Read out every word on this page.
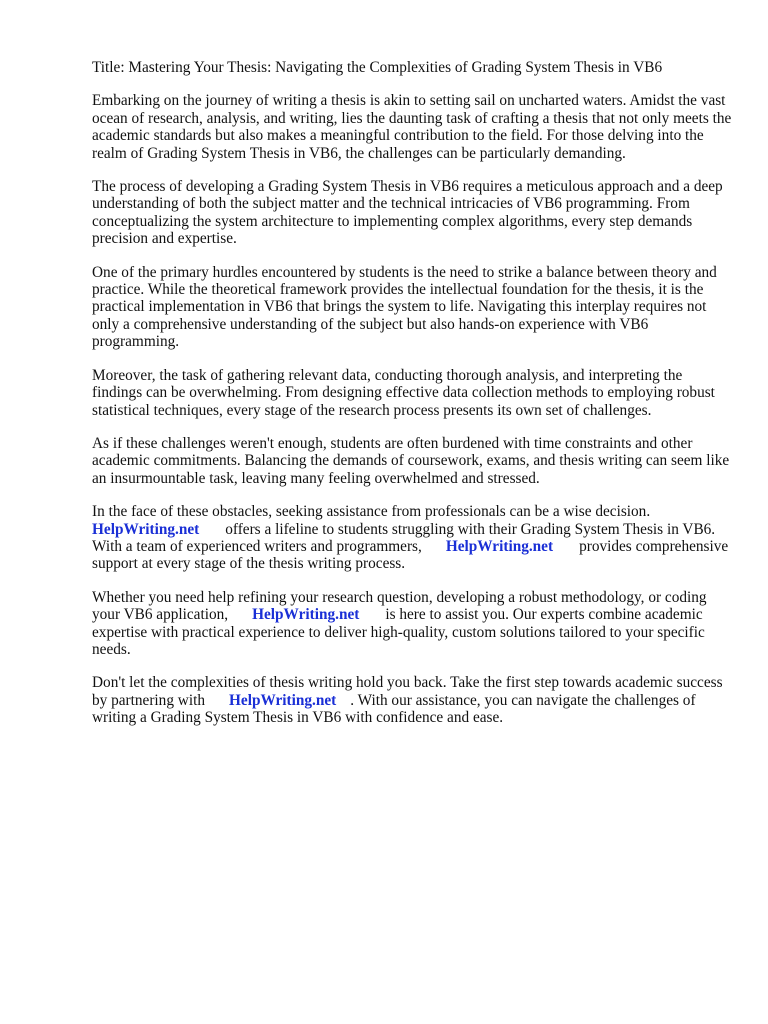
Title: Mastering Your Thesis: Navigating the Complexities of Grading System Thesis in VB6

Embarking on the journey of writing a thesis is akin to setting sail on uncharted waters. Amidst the vast ocean of research, analysis, and writing, lies the daunting task of crafting a thesis that not only meets the academic standards but also makes a meaningful contribution to the field. For those delving into the realm of Grading System Thesis in VB6, the challenges can be particularly demanding.

The process of developing a Grading System Thesis in VB6 requires a meticulous approach and a deep understanding of both the subject matter and the technical intricacies of VB6 programming. From conceptualizing the system architecture to implementing complex algorithms, every step demands precision and expertise.

One of the primary hurdles encountered by students is the need to strike a balance between theory and practice. While the theoretical framework provides the intellectual foundation for the thesis, it is the practical implementation in VB6 that brings the system to life. Navigating this interplay requires not only a comprehensive understanding of the subject but also hands-on experience with VB6 programming.

Moreover, the task of gathering relevant data, conducting thorough analysis, and interpreting the findings can be overwhelming. From designing effective data collection methods to employing robust statistical techniques, every stage of the research process presents its own set of challenges.

As if these challenges weren't enough, students are often burdened with time constraints and other academic commitments. Balancing the demands of coursework, exams, and thesis writing can seem like an insurmountable task, leaving many feeling overwhelmed and stressed.

In the face of these obstacles, seeking assistance from professionals can be a wise decision.
HelpWriting.net offers a lifeline to students struggling with their Grading System Thesis in VB6. With a team of experienced writers and programmers, HelpWriting.net provides comprehensive support at every stage of the thesis writing process.

Whether you need help refining your research question, developing a robust methodology, or coding your VB6 application, HelpWriting.net is here to assist you. Our experts combine academic expertise with practical experience to deliver high-quality, custom solutions tailored to your specific needs.

Don't let the complexities of thesis writing hold you back. Take the first step towards academic success by partnering with HelpWriting.net . With our assistance, you can navigate the challenges of writing a Grading System Thesis in VB6 with confidence and ease.
